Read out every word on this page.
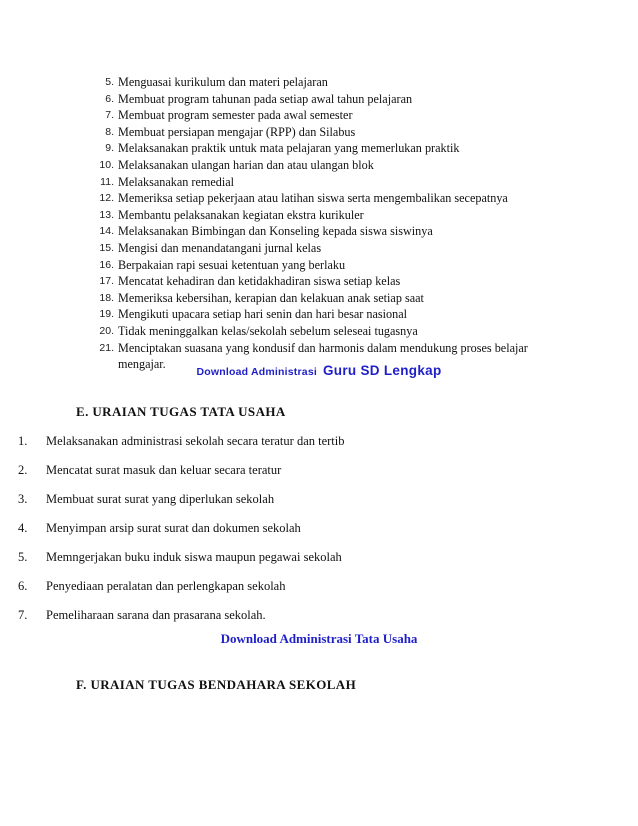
5. Menguasai kurikulum dan materi pelajaran
6. Membuat program tahunan pada setiap awal tahun pelajaran
7. Membuat program semester pada awal semester
8. Membuat persiapan mengajar (RPP) dan Silabus
9. Melaksanakan praktik untuk mata pelajaran yang memerlukan praktik
10. Melaksanakan ulangan harian dan atau ulangan blok
11. Melaksanakan remedial
12. Memeriksa setiap pekerjaan atau latihan siswa serta mengembalikan secepatnya
13. Membantu pelaksanakan kegiatan ekstra kurikuler
14. Melaksanakan Bimbingan dan Konseling kepada siswa siswinya
15. Mengisi dan menandatangani jurnal kelas
16. Berpakaian rapi sesuai ketentuan yang berlaku
17. Mencatat kehadiran dan ketidakhadiran siswa setiap kelas
18. Memeriksa kebersihan, kerapian dan kelakuan anak setiap saat
19. Mengikuti upacara setiap hari senin dan hari besar nasional
20. Tidak meninggalkan kelas/sekolah sebelum seleseai tugasnya
21. Menciptakan suasana yang kondusif dan harmonis dalam mendukung proses belajar mengajar.
Download Administrasi Guru SD Lengkap
E. URAIAN TUGAS TATA USAHA
1.	Melaksanakan administrasi sekolah secara teratur dan tertib
2.	Mencatat surat masuk dan keluar secara teratur
3.	Membuat surat surat yang diperlukan sekolah
4.	Menyimpan arsip surat surat dan dokumen sekolah
5.	Memngerjakan buku induk siswa maupun pegawai sekolah
6.	Penyediaan peralatan dan perlengkapan sekolah
7.	Pemeliharaan sarana dan prasarana sekolah.
Download Administrasi Tata Usaha
F. URAIAN TUGAS BENDAHARA SEKOLAH
